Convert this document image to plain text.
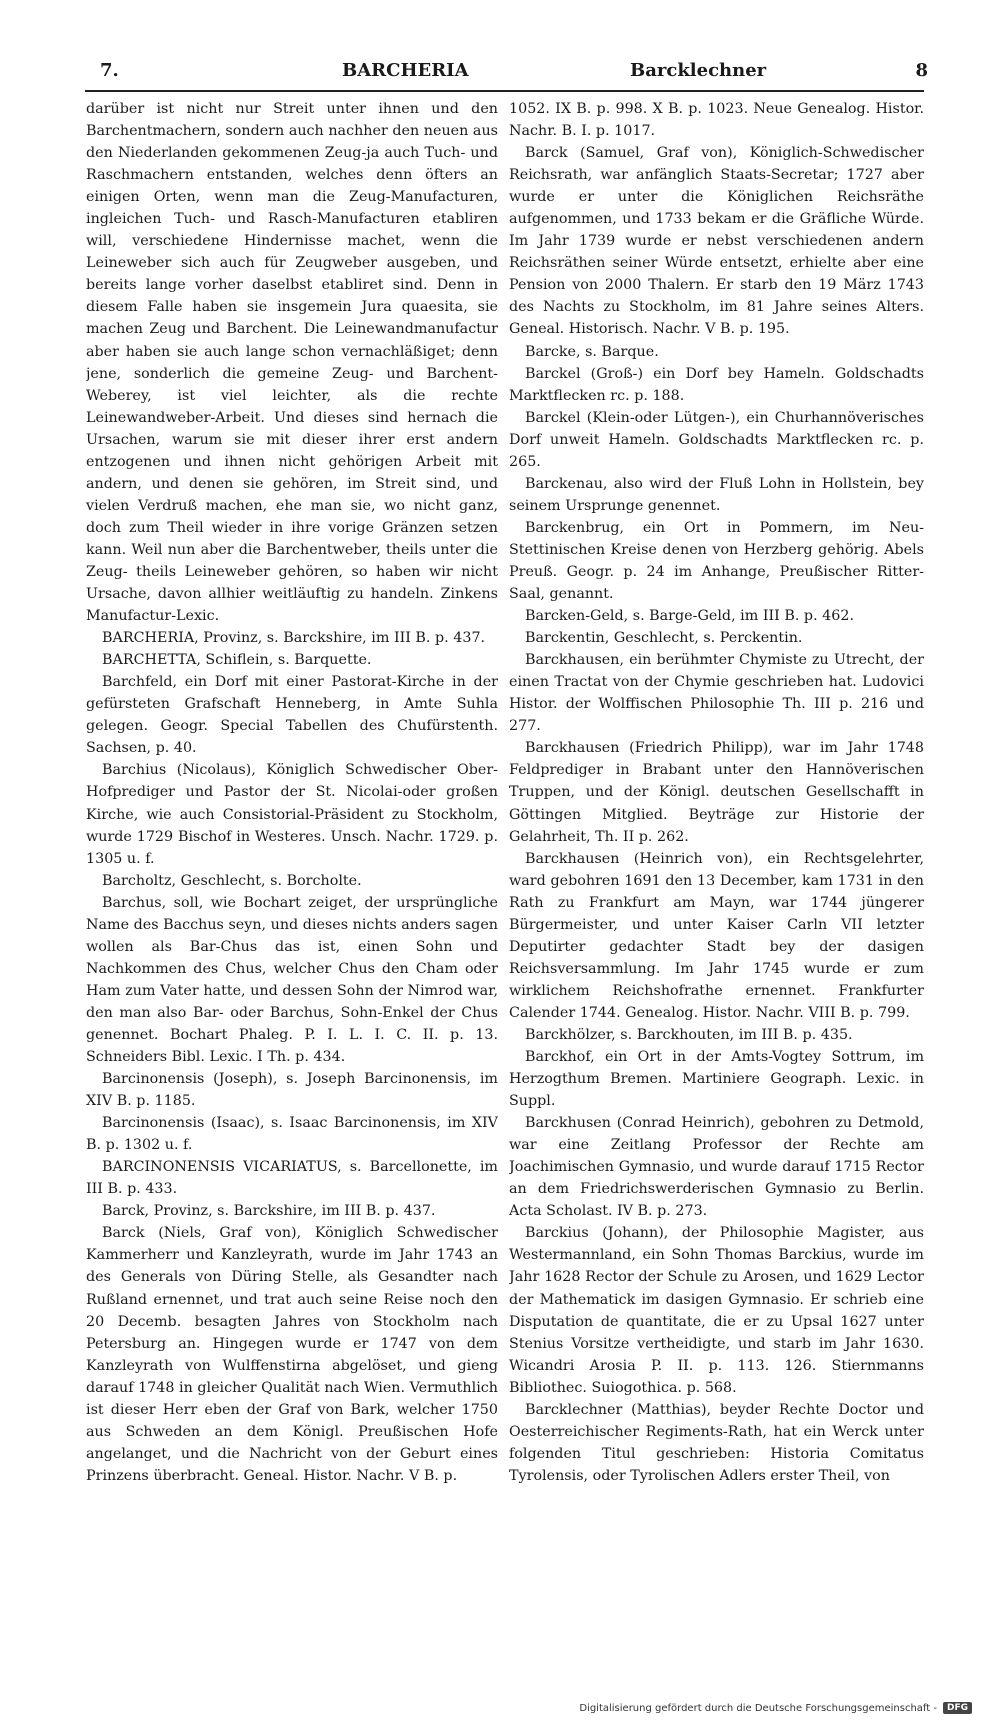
7.	BARCHERIA	Barcklechner	8

darüber ist nicht nur Streit unter ihnen und den Barchentmachern, sondern auch nachher den neuen aus den Niederlanden gekommenen Zeug-ja auch Tuch- und Raschmachern entstanden, welches denn öfters an einigen Orten, wenn man die Zeug-Manufacturen, ingleichen Tuch- und Rasch-Manufacturen etabliren will, verschiedene Hindernisse machet, wenn die Leineweber sich auch für Zeugweber ausgeben, und bereits lange vorher daselbst etabliret sind. Denn in diesem Falle haben sie insgemein Jura quaesita, sie machen Zeug und Barchent. Die Leinewandmanufactur aber haben sie auch lange schon vernachläßiget; denn jene, sonderlich die gemeine Zeug- und Barchent-Weberey, ist viel leichter, als die rechte Leinewandweber-Arbeit. Und dieses sind hernach die Ursachen, warum sie mit dieser ihrer erst andern entzogenen und ihnen nicht gehörigen Arbeit mit andern, und denen sie gehören, im Streit sind, und vielen Verdruß machen, ehe man sie, wo nicht ganz, doch zum Theil wieder in ihre vorige Gränzen setzen kann. Weil nun aber die Barchentweber, theils unter die Zeug- theils Leineweber gehören, so haben wir nicht Ursache, davon allhier weitläuftig zu handeln. Zinkens Manufactur-Lexic.

BARCHERIA, Provinz, s. Barckshire, im III B. p. 437.

BARCHETTA, Schiflein, s. Barquette.

Barchfeld, ein Dorf mit einer Pastorat-Kirche in der gefürsteten Grafschaft Henneberg, in Amte Suhla gelegen. Geogr. Special Tabellen des Chufürstenth. Sachsen, p. 40.

Barchius (Nicolaus), Königlich Schwedischer Ober-Hofprediger und Pastor der St. Nicolai-oder großen Kirche, wie auch Consistorial-Präsident zu Stockholm, wurde 1729 Bischof in Westeres. Unsch. Nachr. 1729. p. 1305 u. f.

Barcholtz, Geschlecht, s. Borcholte.

Barchus, soll, wie Bochart zeiget, der ursprüngliche Name des Bacchus seyn, und dieses nichts anders sagen wollen als Bar-Chus das ist, einen Sohn und Nachkommen des Chus, welcher Chus den Cham oder Ham zum Vater hatte, und dessen Sohn der Nimrod war, den man also Bar- oder Barchus, Sohn-Enkel der Chus genennet. Bochart Phaleg. P. I. L. I. C. II. p. 13. Schneiders Bibl. Lexic. I Th. p. 434.

Barcinonensis (Joseph), s. Joseph Barcinonensis, im XIV B. p. 1185.

Barcinonensis (Isaac), s. Isaac Barcinonensis, im XIV B. p. 1302 u. f.

BARCINONENSIS VICARIATUS, s. Barcellonette, im III B. p. 433.

Barck, Provinz, s. Barckshire, im III B. p. 437.

Barck (Niels, Graf von), Königlich Schwedischer Kammerherr und Kanzleyrath, wurde im Jahr 1743 an des Generals von Düring Stelle, als Gesandter nach Rußland ernennet, und trat auch seine Reise noch den 20 Decemb. besagten Jahres von Stockholm nach Petersburg an. Hingegen wurde er 1747 von dem Kanzleyrath von Wulffenstirna abgelöset, und gieng darauf 1748 in gleicher Qualität nach Wien. Vermuthlich ist dieser Herr eben der Graf von Bark, welcher 1750 aus Schweden an dem Königl. Preußischen Hofe angelanget, und die Nachricht von der Geburt eines Prinzens überbracht. Geneal. Histor. Nachr. V B. p.

1052. IX B. p. 998. X B. p. 1023. Neue Genealog. Histor. Nachr. B. I. p. 1017.

Barck (Samuel, Graf von), Königlich-Schwedischer Reichsrath, war anfänglich Staats-Secretar; 1727 aber wurde er unter die Königlichen Reichsräthe aufgenommen, und 1733 bekam er die Gräfliche Würde. Im Jahr 1739 wurde er nebst verschiedenen andern Reichsräthen seiner Würde entsetzt, erhielte aber eine Pension von 2000 Thalern. Er starb den 19 März 1743 des Nachts zu Stockholm, im 81 Jahre seines Alters. Geneal. Historisch. Nachr. V B. p. 195.

Barcke, s. Barque.

Barckel (Groß-) ein Dorf bey Hameln. Goldschadts Marktflecken rc. p. 188.

Barckel (Klein-oder Lütgen-), ein Churhannöverisches Dorf unweit Hameln. Goldschadts Marktflecken rc. p. 265.

Barckenau, also wird der Fluß Lohn in Hollstein, bey seinem Ursprunge genennet.

Barckenbrug, ein Ort in Pommern, im Neu-Stettinischen Kreise denen von Herzberg gehörig. Abels Preuß. Geogr. p. 24 im Anhange, Preußischer Ritter-Saal, genannt.

Barcken-Geld, s. Barge-Geld, im III B. p. 462.

Barckentin, Geschlecht, s. Perckentin.

Barckhausen, ein berühmter Chymiste zu Utrecht, der einen Tractat von der Chymie geschrieben hat. Ludovici Histor. der Wolffischen Philosophie Th. III p. 216 und 277.

Barckhausen (Friedrich Philipp), war im Jahr 1748 Feldprediger in Brabant unter den Hannöverischen Truppen, und der Königl. deutschen Gesellschafft in Göttingen Mitglied. Beyträge zur Historie der Gelahrheit, Th. II p. 262.

Barckhausen (Heinrich von), ein Rechtsgelehrter, ward gebohren 1691 den 13 December, kam 1731 in den Rath zu Frankfurt am Mayn, war 1744 jüngerer Bürgermeister, und unter Kaiser Carln VII letzter Deputirter gedachter Stadt bey der dasigen Reichsversammlung. Im Jahr 1745 wurde er zum wirklichem Reichshofrathe ernennet. Frankfurter Calender 1744. Genealog. Histor. Nachr. VIII B. p. 799.

Barckhölzer, s. Barckhouten, im III B. p. 435.

Barckhof, ein Ort in der Amts-Vogtey Sottrum, im Herzogthum Bremen. Martiniere Geograph. Lexic. in Suppl.

Barckhusen (Conrad Heinrich), gebohren zu Detmold, war eine Zeitlang Professor der Rechte am Joachimischen Gymnasio, und wurde darauf 1715 Rector an dem Friedrichswerderischen Gymnasio zu Berlin. Acta Scholast. IV B. p. 273.

Barckius (Johann), der Philosophie Magister, aus Westermannland, ein Sohn Thomas Barckius, wurde im Jahr 1628 Rector der Schule zu Arosen, und 1629 Lector der Mathematick im dasigen Gymnasio. Er schrieb eine Disputation de quantitate, die er zu Upsal 1627 unter Stenius Vorsitze vertheidigte, und starb im Jahr 1630. Wicandri Arosia P. II. p. 113. 126. Stiernmanns Bibliothec. Suiogothica. p. 568.

Barcklechner (Matthias), beyder Rechte Doctor und Oesterreichischer Regiments-Rath, hat ein Werck unter folgenden Titul geschrieben: Historia Comitatus Tyrolensis, oder Tyrolischen Adlers erster Theil, von

Digitalisierung gefördert durch die Deutsche Forschungsgemeinschaft -	DFG
